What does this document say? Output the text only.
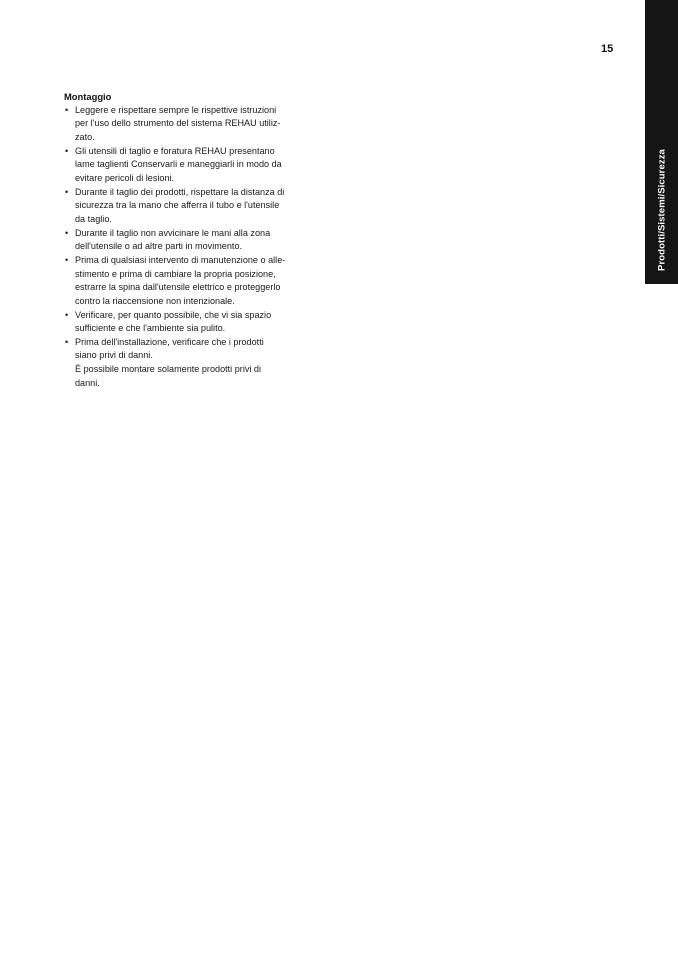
Prodotti/Sistemi/Sicurezza
15
Montaggio
• Leggere e rispettare sempre le rispettive istruzioni
per l'uso dello strumento del sistema REHAU utiliz-
zato.
• Gli utensili di taglio e foratura REHAU presentano
lame taglienti Conservarli e maneggiarli in modo da
evitare pericoli di lesioni.
• Durante il taglio dei prodotti, rispettare la distanza di
sicurezza tra la mano che afferra il tubo e l'utensile
da taglio.
• Durante il taglio non avvicinare le mani alla zona
dell'utensile o ad altre parti in movimento.
• Prima di qualsiasi intervento di manutenzione o alle-
stimento e prima di cambiare la propria posizione,
estrarre la spina dall'utensile elettrico e proteggerlo
contro la riaccensione non intenzionale.
• Verificare, per quanto possibile, che vi sia spazio
sufficiente e che l'ambiente sia pulito.
• Prima dell'installazione, verificare che i prodotti
siano privi di danni.
È possibile montare solamente prodotti privi di
danni.
